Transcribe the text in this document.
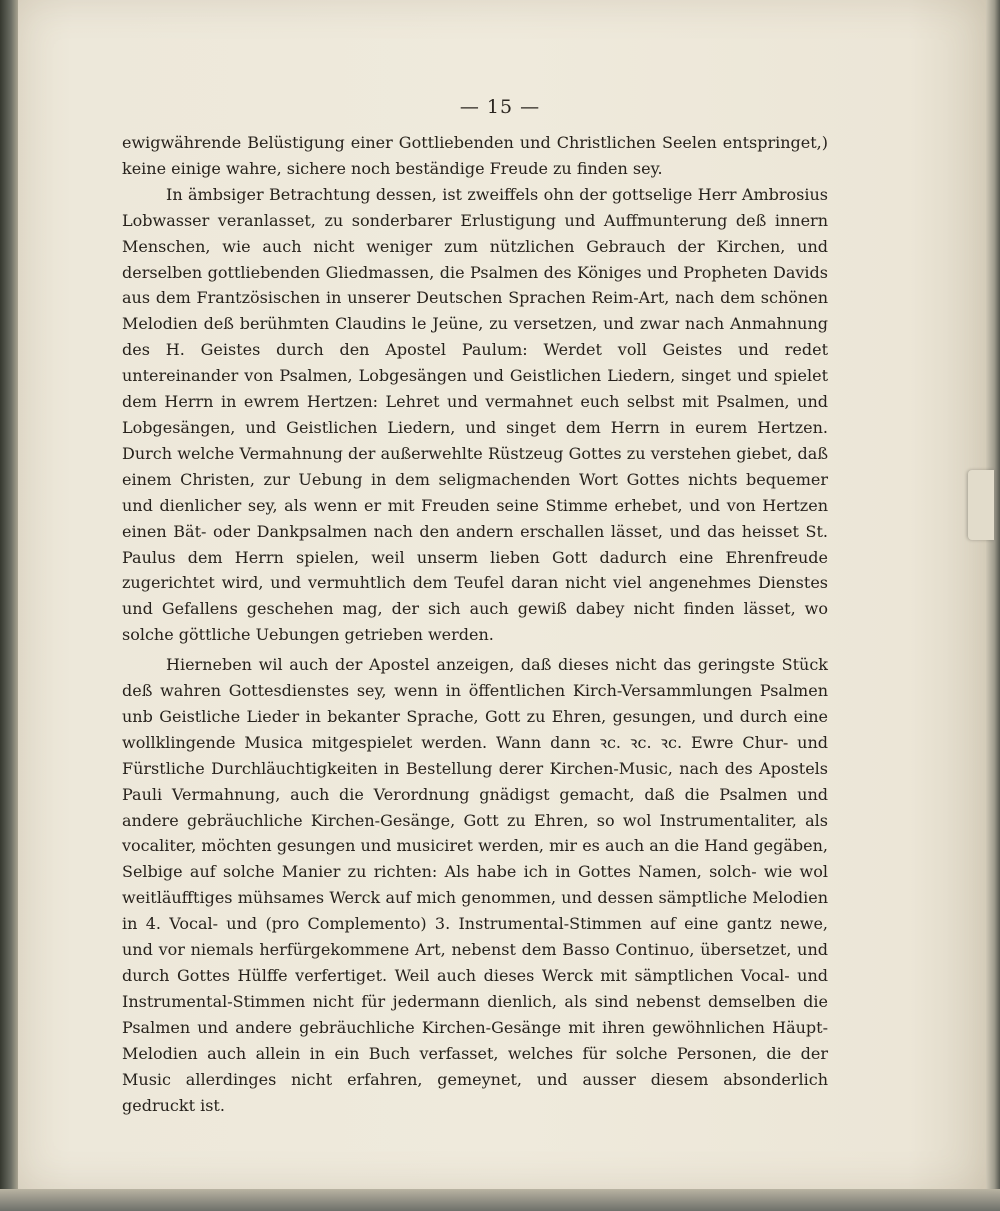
— 15 —

ewigwährende Belüstigung einer Gottliebenden und Christlichen Seelen entspringet,) keine einige wahre, sichere noch beständige Freude zu finden sey.

In ämbsiger Betrachtung dessen, ist zweiffels ohn der gottselige Herr Ambrosius Lobwasser veranlasset, zu sonderbarer Erlustigung und Auffmunterung deß innern Menschen, wie auch nicht weniger zum nützlichen Gebrauch der Kirchen, und derselben gottliebenden Gliedmassen, die Psalmen des Königes und Propheten Davids aus dem Frantzösischen in unserer Deutschen Sprachen Reim-Art, nach dem schönen Melodien deß berühmten Claudins le Jeüne, zu versetzen, und zwar nach Anmahnung des H. Geistes durch den Apostel Paulum: Werdet voll Geistes und redet untereinander von Psalmen, Lobgesängen und Geistlichen Liedern, singet und spielet dem Herrn in ewrem Hertzen: Lehret und vermahnet euch selbst mit Psalmen, und Lobgesängen, und Geistlichen Liedern, und singet dem Herrn in eurem Hertzen. Durch welche Vermahnung der außerwehlte Rüstzeug Gottes zu verstehen giebet, daß einem Christen, zur Uebung in dem seligmachenden Wort Gottes nichts bequemer und dienlicher sey, als wenn er mit Freuden seine Stimme erhebet, und von Hertzen einen Bät- oder Dankpsalmen nach den andern erschallen lässet, und das heisset St. Paulus dem Herrn spielen, weil unserm lieben Gott dadurch eine Ehrenfreude zugerichtet wird, und vermuhtlich dem Teufel daran nicht viel angenehmes Dienstes und Gefallens geschehen mag, der sich auch gewiß dabey nicht finden lässet, wo solche göttliche Uebungen getrieben werden.

Hierneben wil auch der Apostel anzeigen, daß dieses nicht das geringste Stück deß wahren Gottesdienstes sey, wenn in öffentlichen Kirch-Versammlungen Psalmen unb Geistliche Lieder in bekanter Sprache, Gott zu Ehren, gesungen, und durch eine wollklingende Musica mitgespielet werden. Wann dann ꝛc. ꝛc. ꝛc. Ewre Chur- und Fürstliche Durchläuchtigkeiten in Bestellung derer Kirchen-Music, nach des Apostels Pauli Vermahnung, auch die Verordnung gnädigst gemacht, daß die Psalmen und andere gebräuchliche Kirchen-Gesänge, Gott zu Ehren, so wol Instrumentaliter, als vocaliter, möchten gesungen und musiciret werden, mir es auch an die Hand gegäben, Selbige auf solche Manier zu richten: Als habe ich in Gottes Namen, solch- wie wol weitläufftiges mühsames Werck auf mich genommen, und dessen sämptliche Melodien in 4. Vocal- und (pro Complemento) 3. Instrumental-Stimmen auf eine gantz newe, und vor niemals herfürgekommene Art, nebenst dem Basso Continuo, übersetzet, und durch Gottes Hülffe verfertiget. Weil auch dieses Werck mit sämptlichen Vocal- und Instrumental-Stimmen nicht für jedermann dienlich, als sind nebenst demselben die Psalmen und andere gebräuchliche Kirchen-Gesänge mit ihren gewöhnlichen Häupt-Melodien auch allein in ein Buch verfasset, welches für solche Personen, die der Music allerdinges nicht erfahren, gemeynet, und ausser diesem absonderlich gedruckt ist.
